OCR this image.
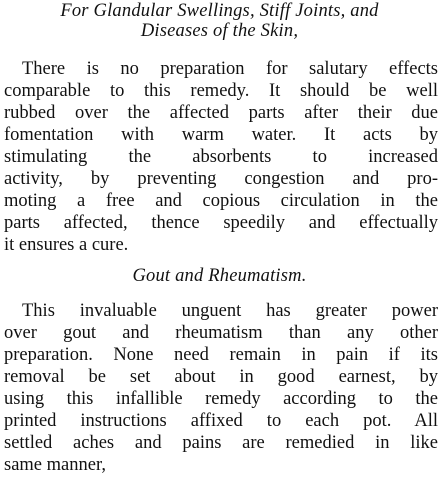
For Glandular Swellings, Stiff Joints, and
Diseases of the Skin,
There is no preparation for salutary effects
comparable to this remedy. It should be well
rubbed over the affected parts after their due
fomentation with warm water. It acts by
stimulating the absorbents to increased
activity, by preventing congestion and pro-
moting a free and copious circulation in the
parts affected, thence speedily and effectually
it ensures a cure.
Gout and Rheumatism.
This invaluable unguent has greater power
over gout and rheumatism than any other
preparation. None need remain in pain if its
removal be set about in good earnest, by
using this infallible remedy according to the
printed instructions affixed to each pot. All
settled aches and pains are remedied in like
same manner,
